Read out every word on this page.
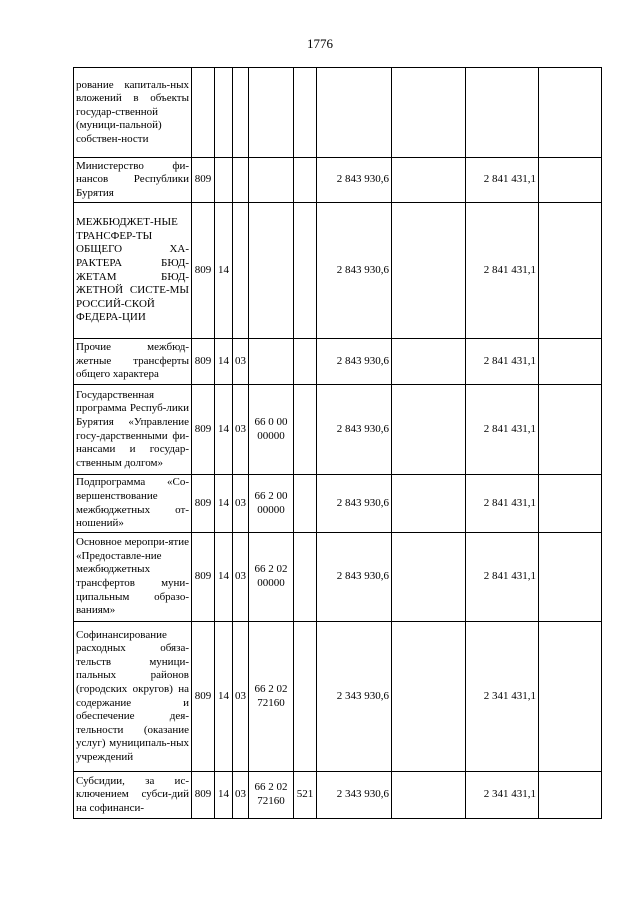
1776
рование капиталь-ных вложений в объекты государ-ственной (муници-пальной) собствен-ности									
Министерство фи-нансов Республики Бурятия	809					2 843 930,6		2 841 431,1	
МЕЖБЮДЖЕТ-НЫЕ ТРАНСФЕР-ТЫ ОБЩЕГО ХА-РАКТЕРА БЮД-ЖЕТАМ БЮД-ЖЕТНОЙ СИСТЕ-МЫ РОССИЙ-СКОЙ ФЕДЕРА-ЦИИ	809	14				2 843 930,6		2 841 431,1	
Прочие межбюд-жетные трансферты общего характера	809	14	03			2 843 930,6		2 841 431,1	
Государственная программа Респуб-лики Бурятия «Управление госу-дарственными фи-нансами и государ-ственным долгом»	809	14	03	66 0 00 00000		2 843 930,6		2 841 431,1	
Подпрограмма «Со-вершенствование межбюджетных от-ношений»	809	14	03	66 2 00 00000		2 843 930,6		2 841 431,1	
Основное меропри-ятие «Предоставле-ние межбюджетных трансфертов муни-ципальным образо-ваниям»	809	14	03	66 2 02 00000		2 843 930,6		2 841 431,1	
Софинансирование расходных обяза-тельств муници-пальных районов (городских округов) на содержание и обеспечение дея-тельности (оказание услуг) муниципаль-ных учреждений	809	14	03	66 2 02 72160		2 343 930,6		2 341 431,1	
Субсидии, за ис-ключением субси-дий на софинанси-	809	14	03	66 2 02 72160	521	2 343 930,6		2 341 431,1	
